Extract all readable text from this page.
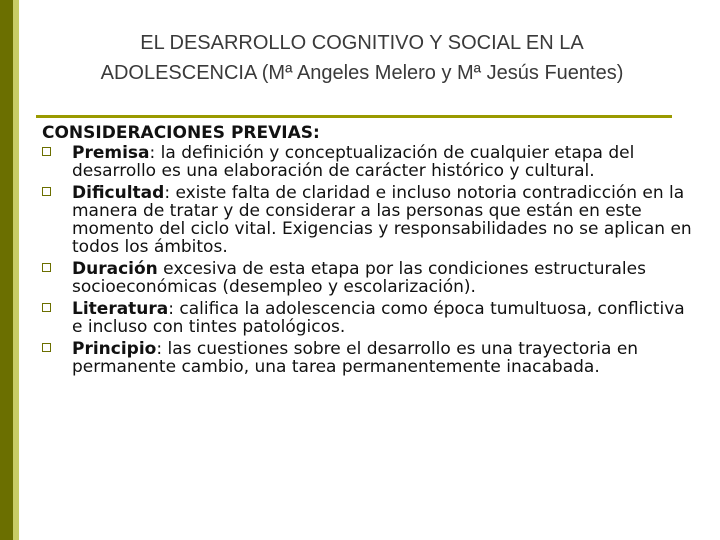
EL DESARROLLO COGNITIVO Y SOCIAL EN LA
ADOLESCENCIA (Mª Angeles Melero y Mª Jesús Fuentes)
CONSIDERACIONES PREVIAS:
Premisa: la definición y conceptualización de cualquier etapa del desarrollo es una elaboración de carácter histórico y cultural.
Dificultad: existe falta de claridad e incluso notoria contradicción en la manera de tratar y de considerar a las personas que están en este momento del ciclo vital. Exigencias y responsabilidades no se aplican en todos los ámbitos.
Duración excesiva de esta etapa por las condiciones estructurales socioeconómicas (desempleo y escolarización).
Literatura: califica la adolescencia como época tumultuosa, conflictiva e incluso con tintes patológicos.
Principio: las cuestiones sobre el desarrollo es una trayectoria en permanente cambio, una tarea permanentemente inacabada.
